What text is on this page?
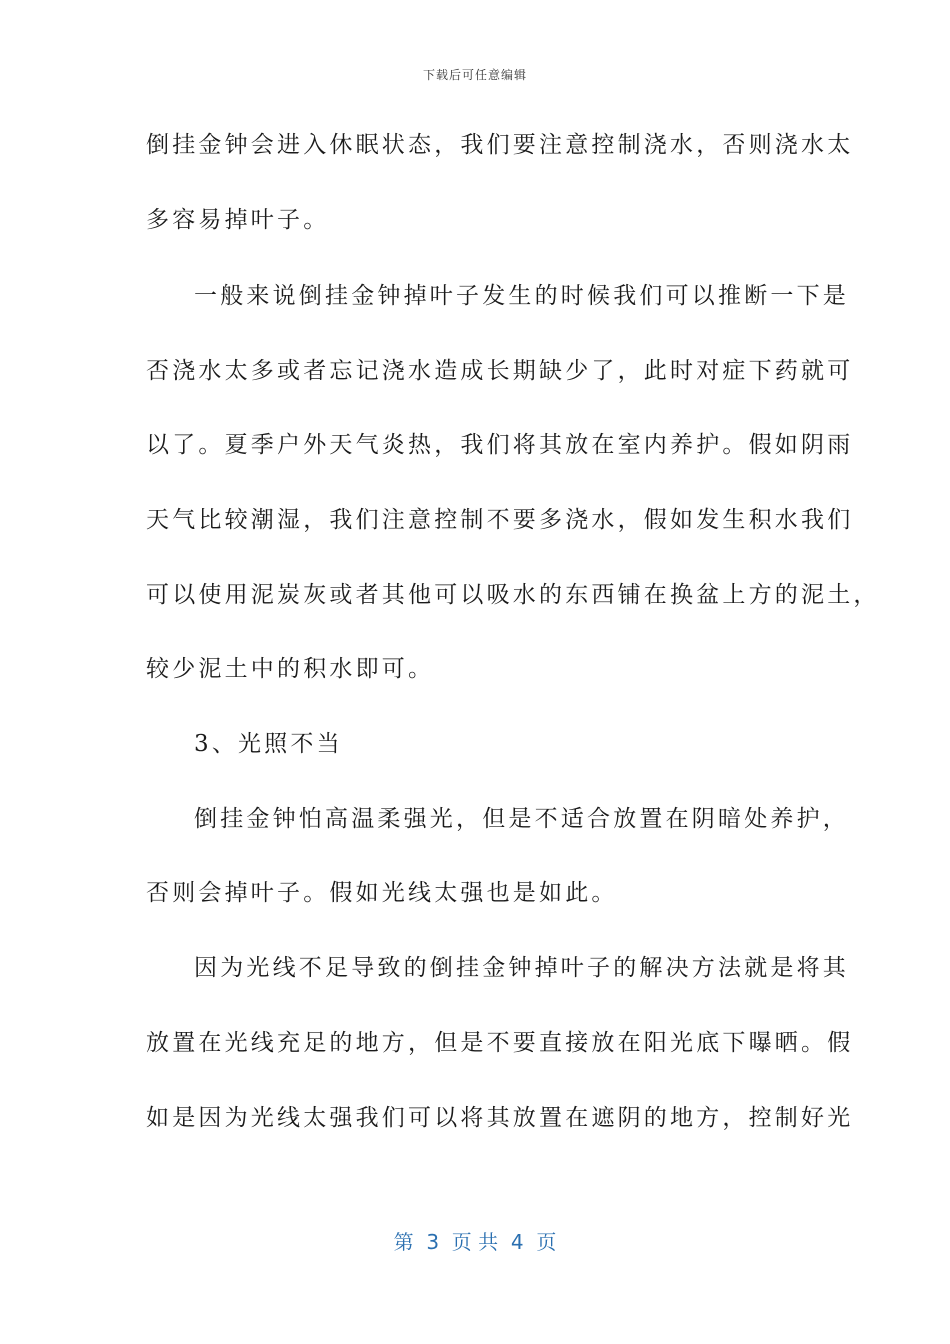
下载后可任意编辑
倒挂金钟会进入休眠状态，我们要注意控制浇水，否则浇水太
多容易掉叶子。
一般来说倒挂金钟掉叶子发生的时候我们可以推断一下是
否浇水太多或者忘记浇水造成长期缺少了，此时对症下药就可
以了。夏季户外天气炎热，我们将其放在室内养护。假如阴雨
天气比较潮湿，我们注意控制不要多浇水，假如发生积水我们
可以使用泥炭灰或者其他可以吸水的东西铺在换盆上方的泥土，
较少泥土中的积水即可。
3、光照不当
倒挂金钟怕高温柔强光，但是不适合放置在阴暗处养护，
否则会掉叶子。假如光线太强也是如此。
因为光线不足导致的倒挂金钟掉叶子的解决方法就是将其
放置在光线充足的地方，但是不要直接放在阳光底下曝晒。假
如是因为光线太强我们可以将其放置在遮阴的地方，控制好光
第  3  页 共  4  页
